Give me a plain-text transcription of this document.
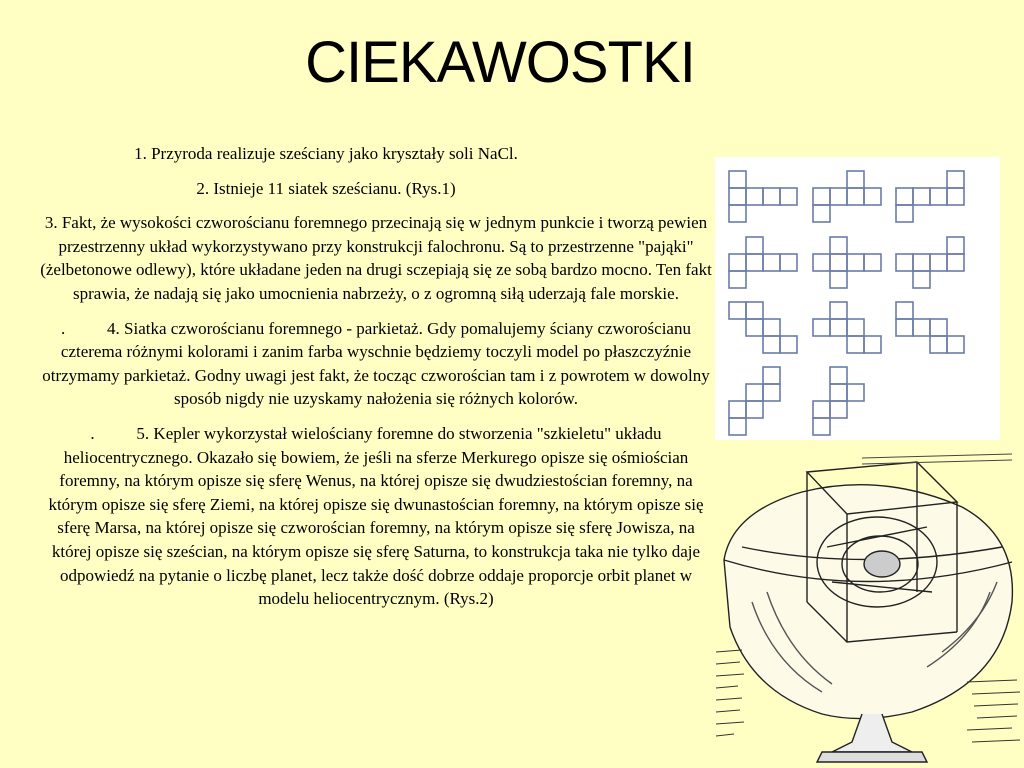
CIEKAWOSTKI

1. Przyroda realizuje sześciany jako kryształy soli NaCl.

2. Istnieje 11 siatek sześcianu. (Rys.1)

3. Fakt, że wysokości czworościanu foremnego przecinają się w jednym punkcie i tworzą pewien przestrzenny układ wykorzystywano przy konstrukcji falochronu. Są to przestrzenne "pająki" (żelbetonowe odlewy), które układane jeden na drugi sczepiają się ze sobą bardzo mocno. Ten fakt sprawia, że nadają się jako umocnienia nabrzeży, o z ogromną siłą uderzają fale morskie.

. 4. Siatka czworościanu foremnego - parkietaż. Gdy pomalujemy ściany czworościanu czterema różnymi kolorami i zanim farba wyschnie będziemy toczyli model po płaszczyźnie otrzymamy parkietaż. Godny uwagi jest fakt, że tocząc czworościan tam i z powrotem w dowolny sposób nigdy nie uzyskamy nałożenia się różnych kolorów.

. 5. Kepler wykorzystał wielościany foremne do stworzenia "szkieletu" układu heliocentrycznego. Okazało się bowiem, że jeśli na sferze Merkurego opisze się ośmiościan foremny, na którym opisze się sferę Wenus, na której opisze się dwudziestościan foremny, na którym opisze się sferę Ziemi, na której opisze się dwunastościan foremny, na którym opisze się sferę Marsa, na której opisze się czworościan foremny, na którym opisze się sferę Jowisza, na której opisze się sześcian, na którym opisze się sferę Saturna, to konstrukcja taka nie tylko daje odpowiedź na pytanie o liczbę planet, lecz także dość dobrze oddaje proporcje orbit planet w modelu heliocentrycznym. (Rys.2)
